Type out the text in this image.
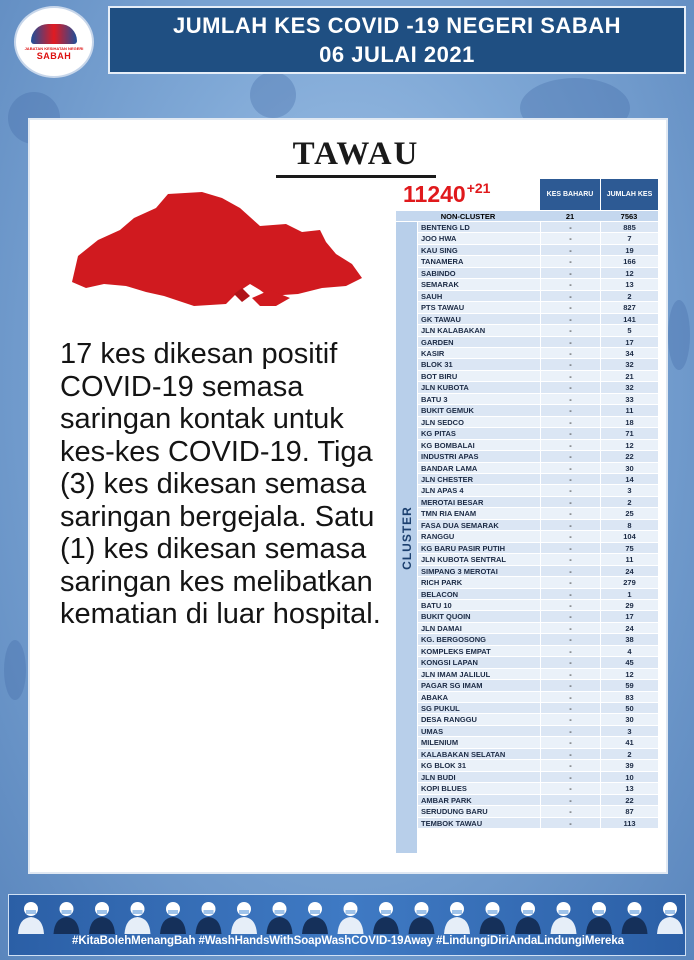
JABATAN KESIHATAN NEGERI
SABAH
JUMLAH KES COVID -19 NEGERI SABAH
06 JULAI 2021
TAWAU
17 kes dikesan positif COVID-19 semasa saringan kontak untuk kes-kes COVID-19. Tiga (3) kes dikesan semasa saringan bergejala. Satu (1) kes dikesan semasa saringan kes melibatkan kematian di luar hospital.
KES BAHARU	JUMLAH KES
NON-CLUSTER	21	7563
CLUSTER
BENTENG LD	-	885
JOO HWA	-	7
KAU SING	-	19
TANAMERA	-	166
SABINDO	-	12
SEMARAK	-	13
SAUH	-	2
PTS TAWAU	-	827
GK TAWAU	-	141
JLN KALABAKAN	-	5
GARDEN	-	17
KASIR	-	34
BLOK 31	-	32
BOT BIRU	-	21
JLN KUBOTA	-	32
BATU 3	-	33
BUKIT GEMUK	-	11
JLN SEDCO	-	18
KG PITAS	-	71
KG BOMBALAI	-	12
INDUSTRI APAS	-	22
BANDAR LAMA	-	30
JLN CHESTER	-	14
JLN APAS 4	-	3
MEROTAI BESAR	-	2
TMN RIA ENAM	-	25
FASA DUA SEMARAK	-	8
RANGGU	-	104
KG BARU PASIR PUTIH	-	75
JLN KUBOTA SENTRAL	-	11
SIMPANG 3 MEROTAI	-	24
RICH PARK	-	279
BELACON	-	1
BATU 10	-	29
BUKIT QUOIN	-	17
JLN DAMAI	-	24
KG. BERGOSONG	-	38
KOMPLEKS EMPAT	-	4
KONGSI LAPAN	-	45
JLN IMAM JALILUL	-	12
PAGAR SG IMAM	-	59
ABAKA	-	83
SG PUKUL	-	50
DESA RANGGU	-	30
UMAS	-	3
MILENIUM	-	41
KALABAKAN SELATAN	-	2
KG BLOK 31	-	39
JLN BUDI	-	10
KOPI BLUES	-	13
AMBAR PARK	-	22
SERUDUNG BARU	-	87
TEMBOK TAWAU	-	113
$11240^{+21}$
#KitaBolehMenangBah #WashHandsWithSoapWashCOVID-19Away #LindungiDiriAndaLindungiMereka
